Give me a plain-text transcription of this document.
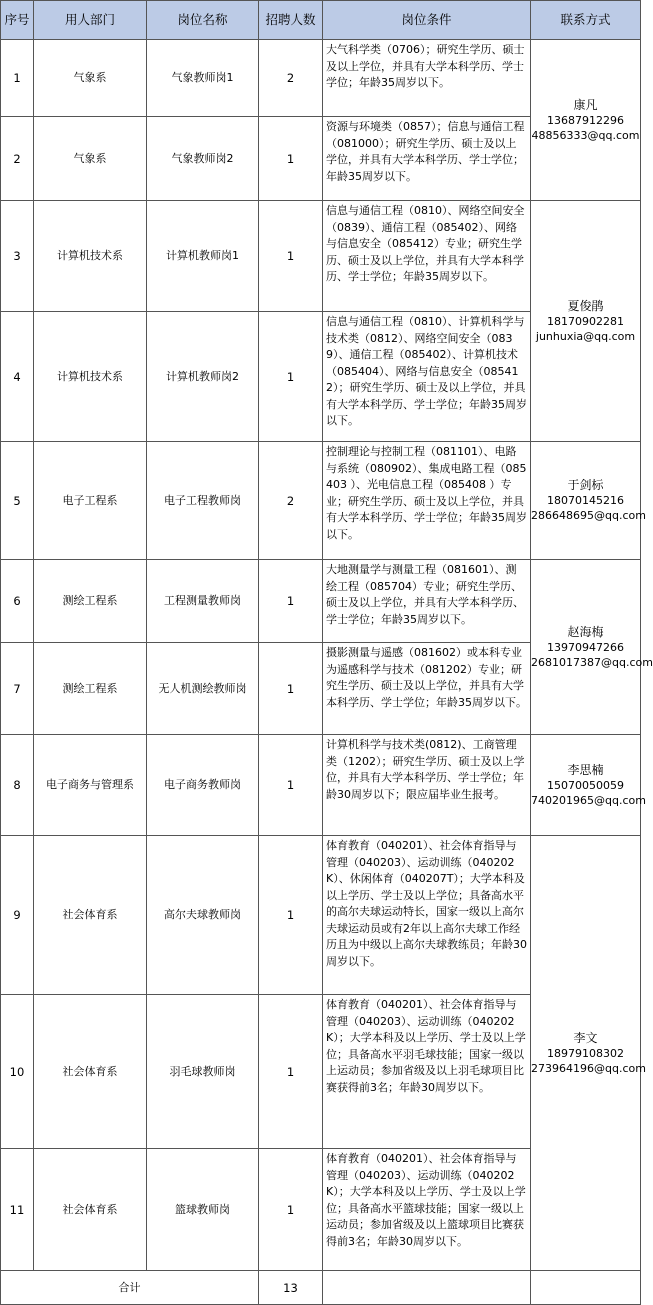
序号	用人部门	岗位名称	招聘人数	岗位条件	联系方式
1	气象系	气象教师岗1	2	大气科学类（0706）；研究生学历、硕士及以上学位，并具有大学本科学历、学士学位；年龄35周岁以下。	康凡
13687912296
48856333@qq.com

2	气象系	气象教师岗2	1	资源与环境类（0857）；信息与通信工程（081000）；研究生学历、硕士及以上学位，并具有大学本科学历、学士学位；年龄35周岁以下。	
3	计算机技术系	计算机教师岗1	1	信息与通信工程（0810）、网络空间安全（0839）、通信工程（085402）、网络与信息安全（085412）专业；研究生学历、硕士及以上学位，并具有大学本科学历、学士学位；年龄35周岁以下。	夏俊鹃
18170902281
junhuxia@qq.com

4	计算机技术系	计算机教师岗2	1	信息与通信工程（0810）、计算机科学与技术类（0812）、网络空间安全（0839）、通信工程（085402）、计算机技术（085404）、网络与信息安全（085412）；研究生学历、硕士及以上学位，并具有大学本科学历、学士学位；年龄35周岁以下。	
5	电子工程系	电子工程教师岗	2	控制理论与控制工程（081101）、电路与系统（080902）、集成电路工程（085403 ）、光电信息工程（085408 ）专业；研究生学历、硕士及以上学位，并具有大学本科学历、学士学位；年龄35周岁以下。	于剑标
18070145216
286648695@qq.com

6	测绘工程系	工程测量教师岗	1	大地测量学与测量工程（081601）、测绘工程（085704）专业；研究生学历、硕士及以上学位，并具有大学本科学历、学士学位；年龄35周岁以下。	赵海梅
13970947266
2681017387@qq.com

7	测绘工程系	无人机测绘教师岗	1	摄影测量与遥感（081602）或本科专业为遥感科学与技术（081202）专业；研究生学历、硕士及以上学位，并具有大学本科学历、学士学位；年龄35周岁以下。	
8	电子商务与管理系	电子商务教师岗	1	计算机科学与技术类(0812)、工商管理类（1202）；研究生学历、硕士及以上学位，并具有大学本科学历、学士学位；年龄30周岁以下；限应届毕业生报考。	李思楠
15070050059
740201965@qq.com

9	社会体育系	高尔夫球教师岗	1	体育教育（040201）、社会体育指导与管理（040203）、运动训练（040202K）、休闲体育（040207T）；大学本科及以上学历、学士及以上学位；具备高水平的高尔夫球运动特长，国家一级以上高尔夫球运动员或有2年以上高尔夫球工作经历且为中级以上高尔夫球教练员；年龄30周岁以下。	李文
18979108302
273964196@qq.com

10	社会体育系	羽毛球教师岗	1	体育教育（040201）、社会体育指导与管理（040203）、运动训练（040202K）；大学本科及以上学历、学士及以上学位；具备高水平羽毛球技能；国家一级以上运动员；参加省级及以上羽毛球项目比赛获得前3名；年龄30周岁以下。	
11	社会体育系	篮球教师岗	1	体育教育（040201）、社会体育指导与管理（040203）、运动训练（040202K）；大学本科及以上学历、学士及以上学位；具备高水平篮球技能；国家一级以上运动员；参加省级及以上篮球项目比赛获得前3名；年龄30周岁以下。	
合计			13		
